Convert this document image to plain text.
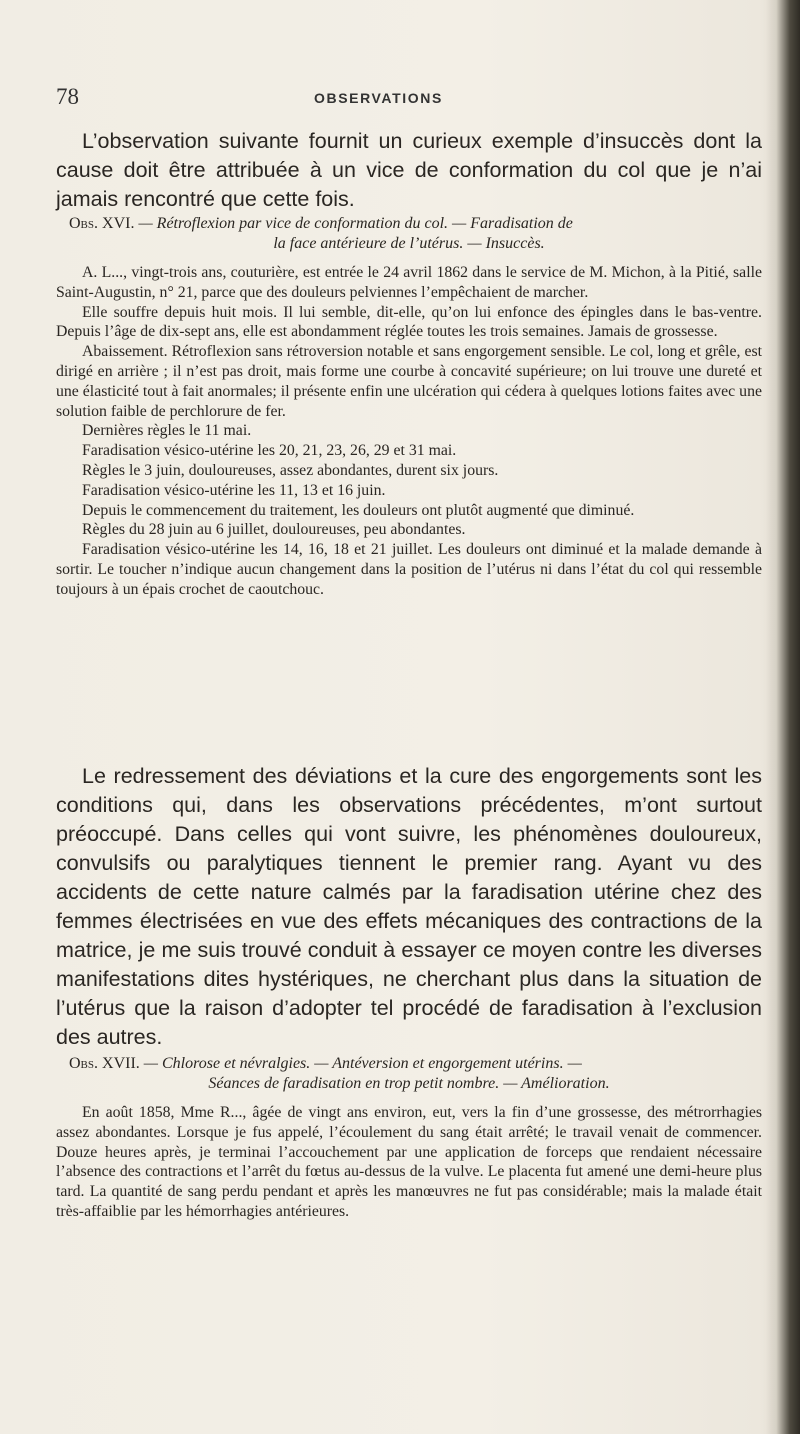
78	OBSERVATIONS

L’observation suivante fournit un curieux exemple d’insuccès dont la cause doit être attribuée à un vice de conformation du col que je n’ai jamais rencontré que cette fois.

Obs. XVI. — Rétroflexion par vice de conformation du col. — Faradisation de
la face antérieure de l’utérus. — Insuccès.

A. L..., vingt-trois ans, couturière, est entrée le 24 avril 1862 dans le service de M. Michon, à la Pitié, salle Saint-Augustin, n° 21, parce que des douleurs pelviennes l’empêchaient de marcher.

Elle souffre depuis huit mois. Il lui semble, dit-elle, qu’on lui enfonce des épingles dans le bas-ventre. Depuis l’âge de dix-sept ans, elle est abondamment réglée toutes les trois semaines. Jamais de grossesse.

Abaissement. Rétroflexion sans rétroversion notable et sans engorgement sensible. Le col, long et grêle, est dirigé en arrière ; il n’est pas droit, mais forme une courbe à concavité supérieure; on lui trouve une dureté et une élasticité tout à fait anormales; il présente enfin une ulcération qui cédera à quelques lotions faites avec une solution faible de perchlorure de fer.

Dernières règles le 11 mai.

Faradisation vésico-utérine les 20, 21, 23, 26, 29 et 31 mai.

Règles le 3 juin, douloureuses, assez abondantes, durent six jours.

Faradisation vésico-utérine les 11, 13 et 16 juin.

Depuis le commencement du traitement, les douleurs ont plutôt augmenté que diminué.

Règles du 28 juin au 6 juillet, douloureuses, peu abondantes.

Faradisation vésico-utérine les 14, 16, 18 et 21 juillet. Les douleurs ont diminué et la malade demande à sortir. Le toucher n’indique aucun changement dans la position de l’utérus ni dans l’état du col qui ressemble toujours à un épais crochet de caoutchouc.

Le redressement des déviations et la cure des engorgements sont les conditions qui, dans les observations précédentes, m’ont surtout préoccupé. Dans celles qui vont suivre, les phénomènes douloureux, convulsifs ou paralytiques tiennent le premier rang. Ayant vu des accidents de cette nature calmés par la faradisation utérine chez des femmes électrisées en vue des effets mécaniques des contractions de la matrice, je me suis trouvé conduit à essayer ce moyen contre les diverses manifestations dites hystériques, ne cherchant plus dans la situation de l’utérus que la raison d’adopter tel procédé de faradisation à l’exclusion des autres.

Obs. XVII. — Chlorose et névralgies. — Antéversion et engorgement utérins. —
Séances de faradisation en trop petit nombre. — Amélioration.

En août 1858, Mme R..., âgée de vingt ans environ, eut, vers la fin d’une grossesse, des métrorrhagies assez abondantes. Lorsque je fus appelé, l’écoulement du sang était arrêté; le travail venait de commencer. Douze heures après, je terminai l’accouchement par une application de forceps que rendaient nécessaire l’absence des contractions et l’arrêt du fœtus au-dessus de la vulve. Le placenta fut amené une demi-heure plus tard. La quantité de sang perdu pendant et après les manœuvres ne fut pas considérable; mais la malade était très-affaiblie par les hémorrhagies antérieures.
